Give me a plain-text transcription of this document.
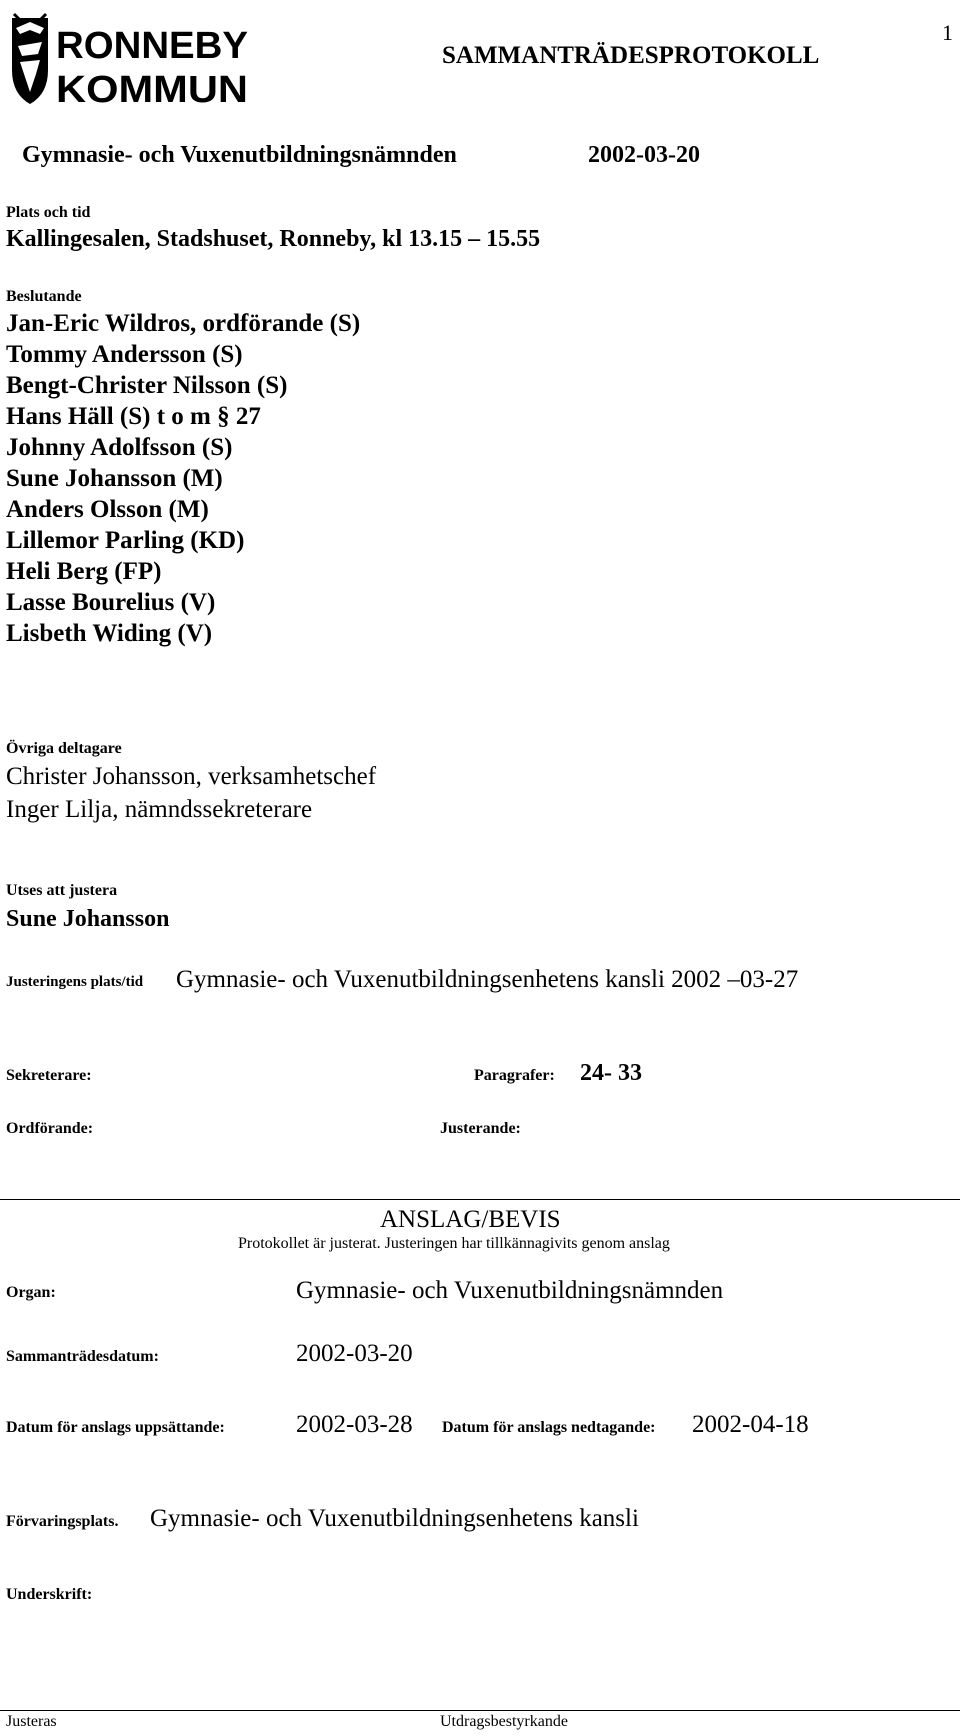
1
RONNEBY
KOMMUN
SAMMANTRÄDESPROTOKOLL
Gymnasie- och Vuxenutbildningsnämnden	2002-03-20
Plats och tid
Kallingesalen, Stadshuset, Ronneby, kl 13.15 – 15.55
Beslutande
Jan-Eric Wildros, ordförande (S)
Tommy Andersson (S)
Bengt-Christer Nilsson (S)
Hans Häll (S) t o m § 27
Johnny Adolfsson (S)
Sune Johansson (M)
Anders Olsson (M)
Lillemor Parling (KD)
Heli Berg (FP)
Lasse Bourelius (V)
Lisbeth Widing (V)
Övriga deltagare
Christer Johansson, verksamhetschef
Inger Lilja, nämndssekreterare
Utses att justera
Sune Johansson
Justeringens plats/tid Gymnasie- och Vuxenutbildningsenhetens kansli 2002 –03-27
Sekreterare:	Paragrafer: 24- 33
Ordförande:	Justerande:
ANSLAG/BEVIS
Protokollet är justerat. Justeringen har tillkännagivits genom anslag
Organ:	Gymnasie- och Vuxenutbildningsnämnden
Sammanträdesdatum:	2002-03-20
Datum för anslags uppsättande:	2002-03-28 Datum för anslags nedtagande: 2002-04-18
Förvaringsplats. Gymnasie- och Vuxenutbildningsenhetens kansli
Underskrift:
Justeras	Utdragsbestyrkande
